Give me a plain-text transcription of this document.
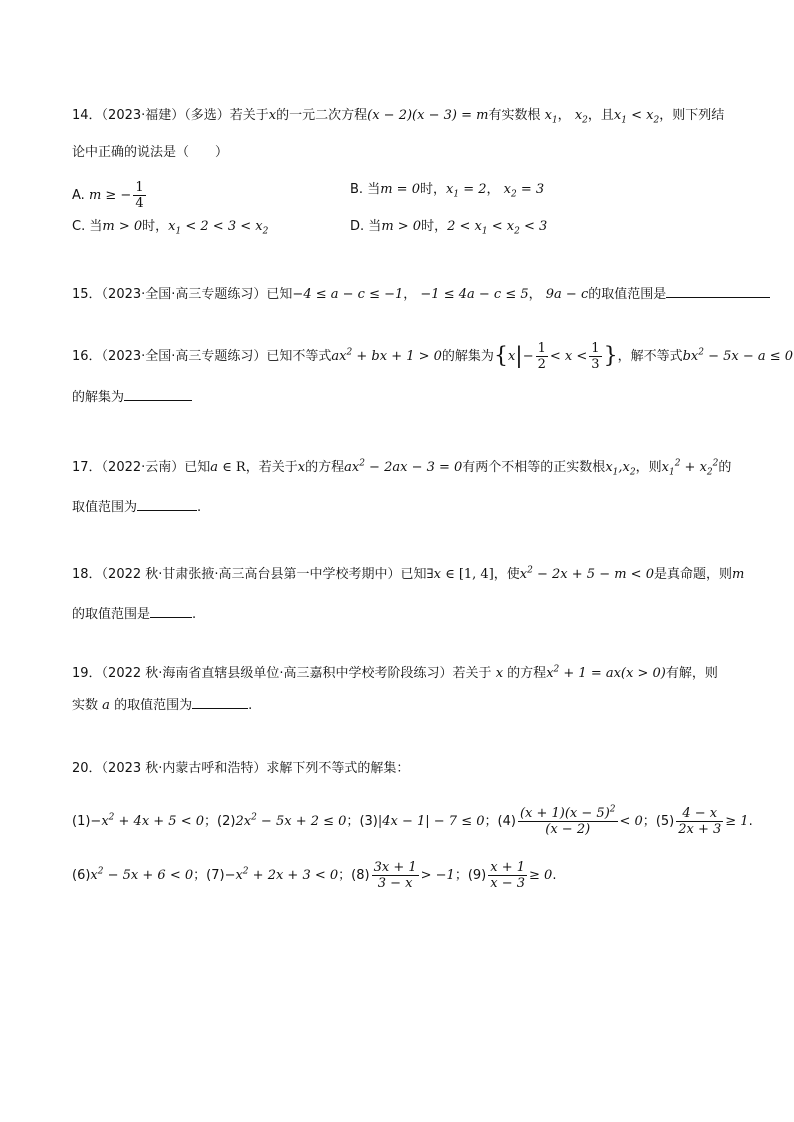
14．（2023·福建）（多选）若关于x的一元二次方程(x − 2)(x − 3) = m有实数根 $x_1$， $x_2$，且$x_1 < x_2$，则下列结
论中正确的说法是（　　）
A. m ≥ − $\frac{1}{4}$	B. 当m = 0时，$x_1 = 2$， $x_2 = 3$
C. 当m > 0时，$x_1 < 2 < 3 < x_2$	D. 当m > 0时，$2 < x_1 < x_2 < 3$
15．（2023·全国·高三专题练习）已知−4 ≤ a − c ≤ −1， −1 ≤ 4a − c ≤ 5， 9a − c的取值范围是
16．（2023·全国·高三专题练习）已知不等式$ax^2$ + bx + 1 > 0的解集为{$x|- \frac{1}{2} < x < \frac{1}{3}$ }，解不等式$bx^2 - 5x - a \le 0$
的解集为
17．（2022·云南）已知a ∈ R，若关于x的方程$ax^2 - 2ax - 3 = 0$有两个不相等的正实数根$x_1,x_2$，则$x_1^2 + x_2^2$的
取值范围为	.
18．（2022 秋·甘肃张掖·高三高台县第一中学校考期中）已知∃x ∈ [1, 4]，使$x^2 - 2x + 5 - m < 0$是真命题，则m
的取值范围是	.
19．（2022 秋·海南省直辖县级单位·高三嘉积中学校考阶段练习）若关于 x 的方程$x^2 + 1 = ax(x > 0)$有解，则
实数 a 的取值范围为	.
20．（2023 秋·内蒙古呼和浩特）求解下列不等式的解集：
$(1)-x^2 + 4x + 5 < 0$；$(2)2x^2 - 5x + 2 \le 0$；(3)|4x − 1| − 7 ≤ 0；$(4) \frac{(x + 1)(x - 5)^2}{(x - 2)} < 0$；$(5) \frac{4 - x}{2x + 3} \ge 1$.
$(6)x^2 - 5x + 6 < 0$；$(7)-x^2 + 2x + 3 < 0$；$(8) \frac{3x + 1}{3 - x} > -1$；$(9) \frac{x + 1}{x - 3} \ge 0$.
